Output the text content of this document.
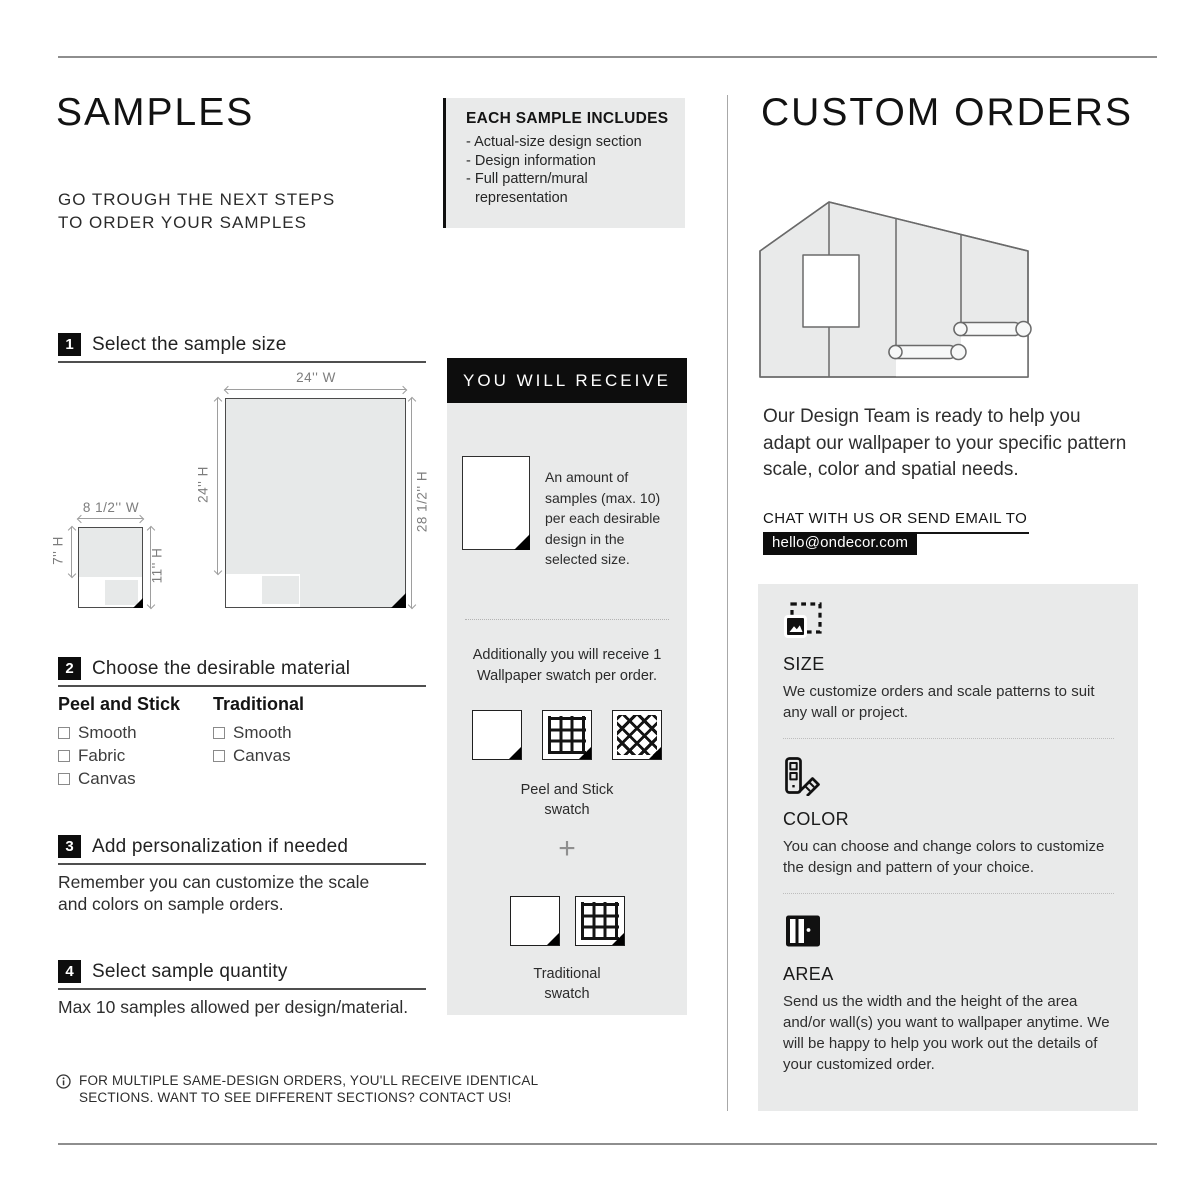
SAMPLES
GO TROUGH THE NEXT STEPS
TO ORDER YOUR SAMPLES
EACH SAMPLE INCLUDES
- Actual-size design section
- Design information
- Full pattern/mural representation
1 Select the sample size
24'' W
24'' H	28 1/2'' H
8 1/2'' W
7'' H	11'' H
2 Choose the desirable material
Peel and Stick
Smooth
Fabric
Canvas
Traditional
Smooth
Canvas
3 Add personalization if needed
Remember you can customize the scale and colors on sample orders.
4 Select sample quantity
Max 10 samples allowed per design/material.
FOR MULTIPLE SAME-DESIGN ORDERS, YOU'LL RECEIVE IDENTICAL SECTIONS. WANT TO SEE DIFFERENT SECTIONS? CONTACT US!
YOU WILL RECEIVE
An amount of samples (max. 10) per each desirable design in the selected size.
Additionally you will receive 1 Wallpaper swatch per order.
Peel and Stick
swatch
+
Traditional
swatch
CUSTOM ORDERS

Our Design Team is ready to help you adapt our wallpaper to your specific pattern scale, color and spatial needs.

CHAT WITH US OR SEND EMAIL TO
hello@ondecor.com
SIZE

We customize orders and scale patterns to suit any wall or project.

COLOR

You can choose and change colors to customize the design and pattern of your choice.

AREA

Send us the width and the height of the area and/or wall(s) you want to wallpaper anytime. We will be happy to help you work out the details of your customized order.
